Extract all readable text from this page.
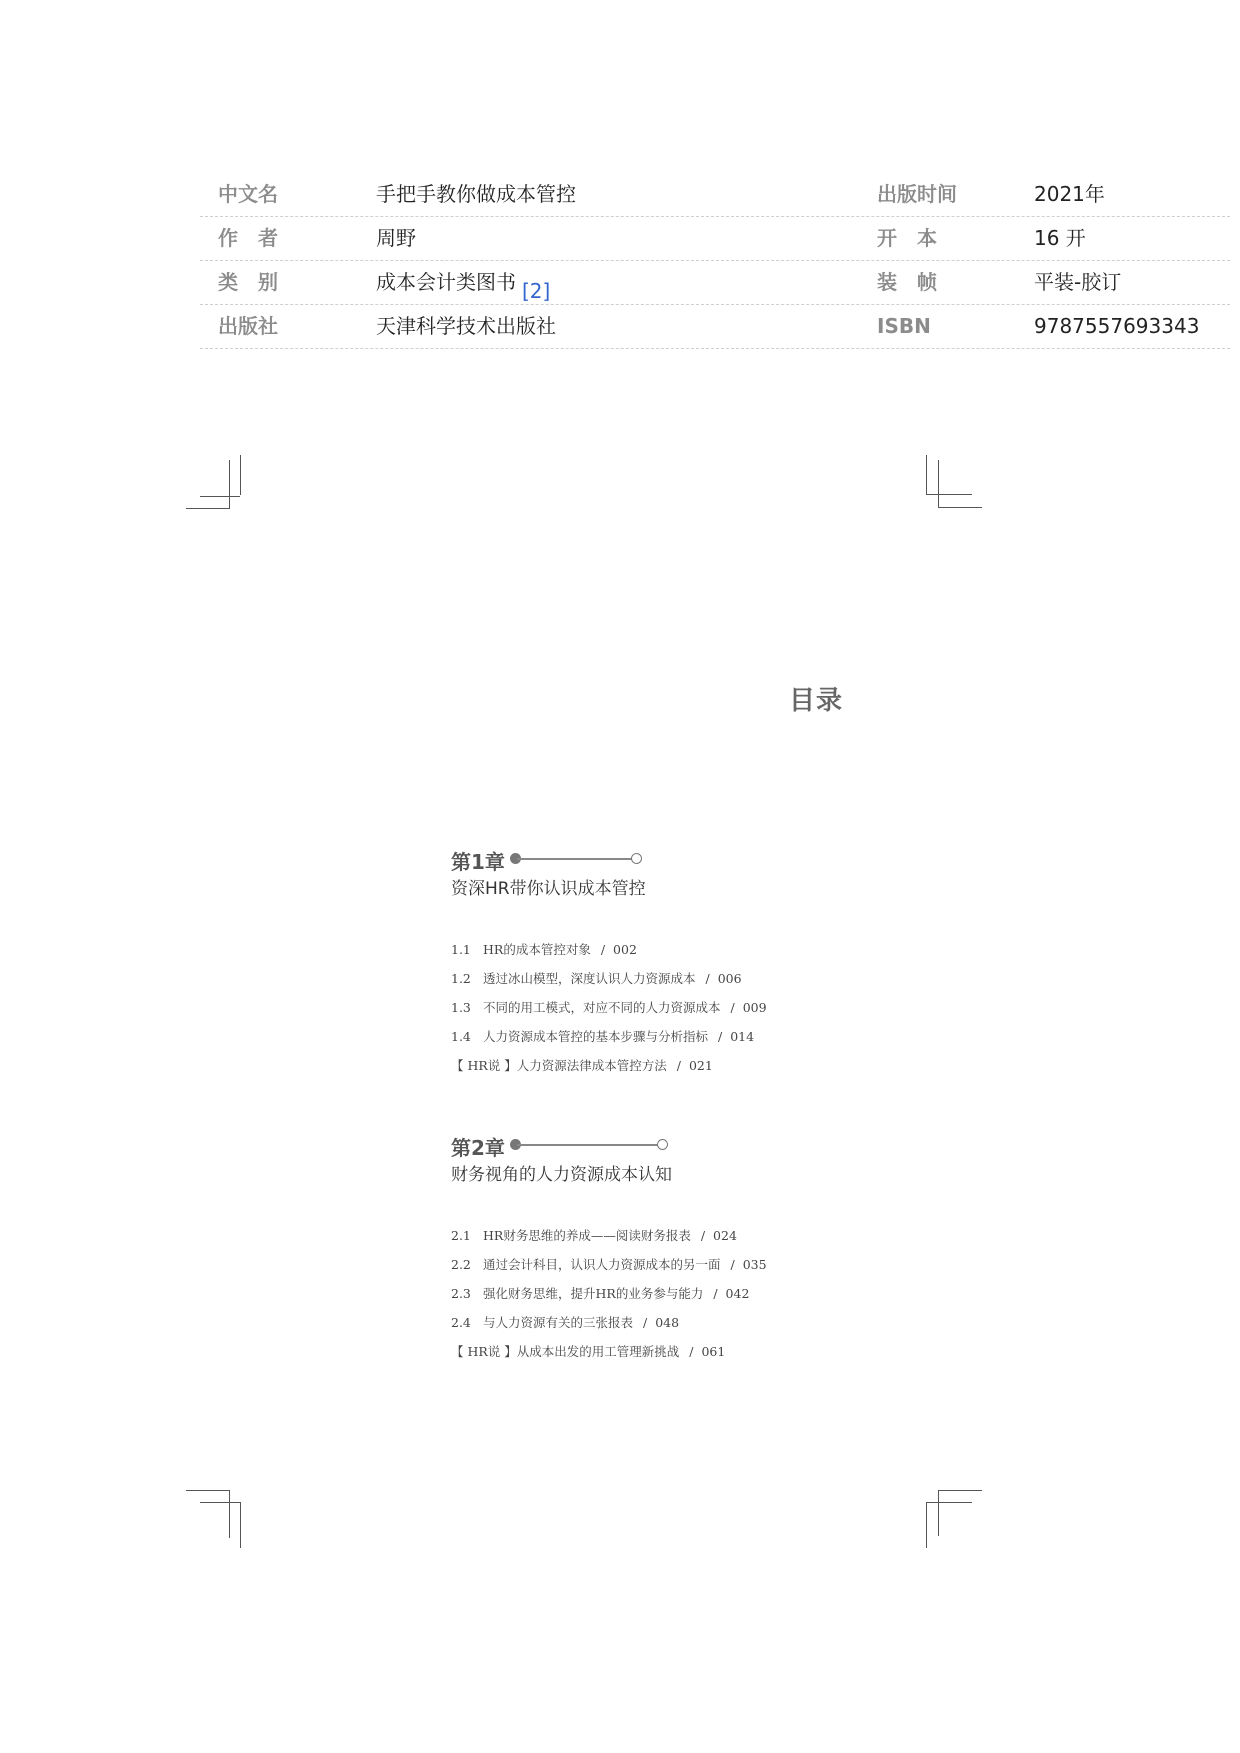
中文名	手把手教你做成本管控	出版时间	2021年
作　者	周野	开　本	16 开
类　别	成本会计类图书 [2]	装　帧	平装-胶订
出版社	天津科学技术出版社	ISBN	9787557693343
目录
第1章
资深HR带你认识成本管控
1.1 HR的成本管控对象 / 002
1.2 透过冰山模型，深度认识人力资源成本 / 006
1.3 不同的用工模式，对应不同的人力资源成本 / 009
1.4 人力资源成本管控的基本步骤与分析指标 / 014
【 HR说 】人力资源法律成本管控方法 / 021
第2章
财务视角的人力资源成本认知
2.1 HR财务思维的养成——阅读财务报表 / 024
2.2 通过会计科目，认识人力资源成本的另一面 / 035
2.3 强化财务思维，提升HR的业务参与能力 / 042
2.4 与人力资源有关的三张报表 / 048
【 HR说 】从成本出发的用工管理新挑战 / 061
